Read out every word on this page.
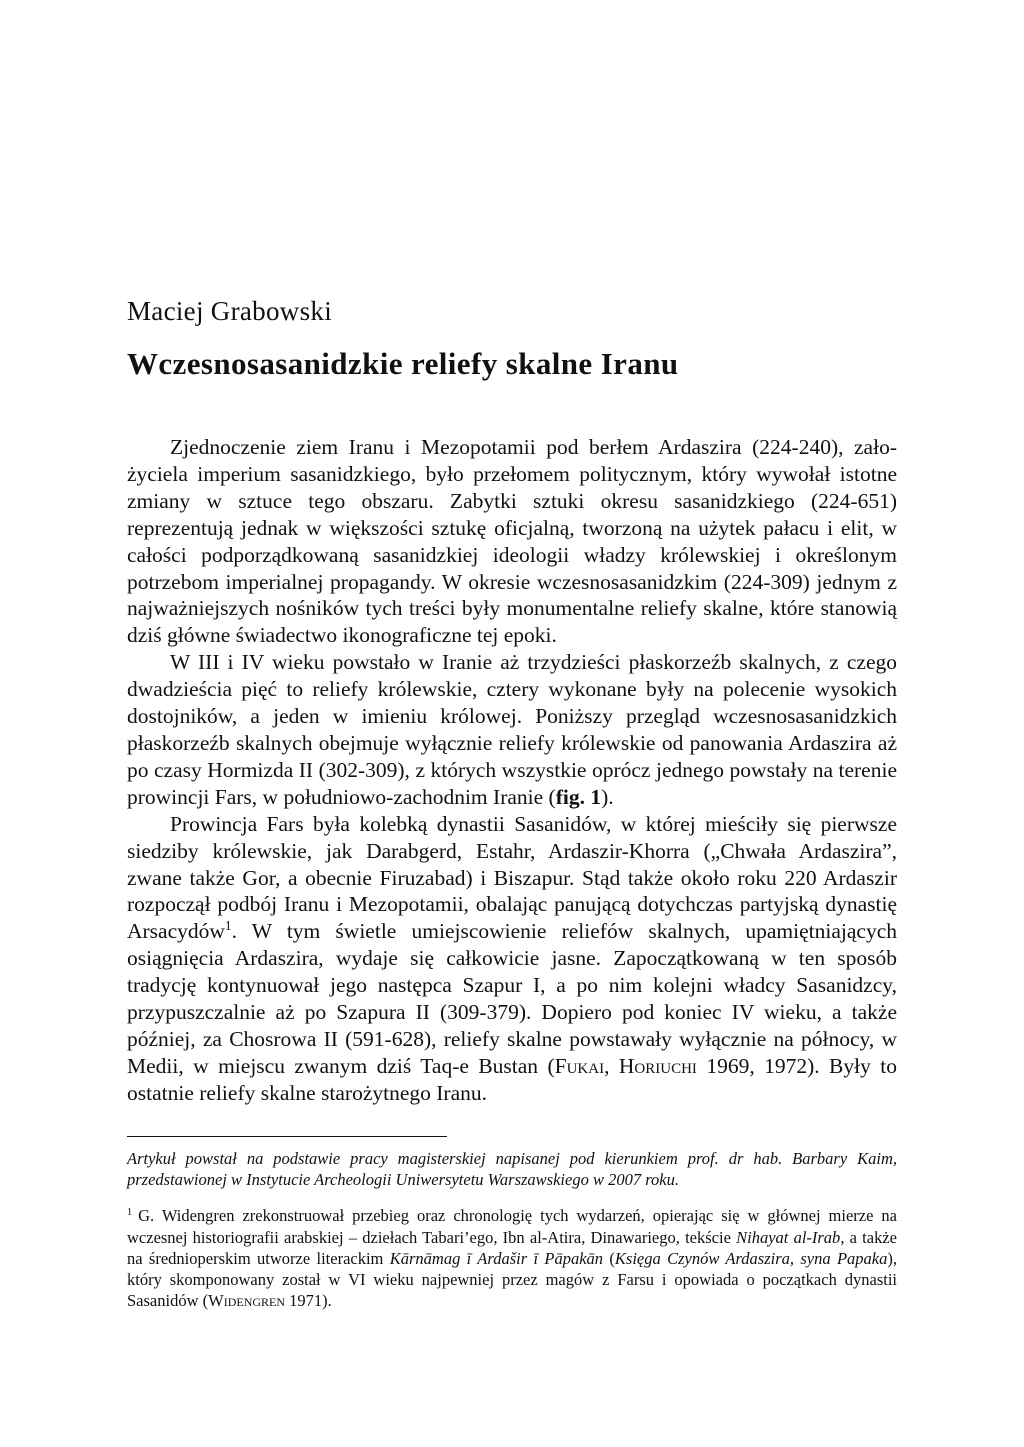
Maciej Grabowski
Wczesnosasanidzkie reliefy skalne Iranu

Zjednoczenie ziem Iranu i Mezopotamii pod berłem Ardaszira (224-240), założyciela imperium sasanidzkiego, było przełomem politycznym, który wywołał istotne zmiany w sztuce tego obszaru. Zabytki sztuki okresu sasanidzkiego (224-651) reprezentują jednak w większości sztukę oficjalną, tworzoną na użytek pałacu i elit, w całości podporządkowaną sasanidzkiej ideologii władzy królewskiej i określonym potrzebom imperialnej propagandy. W okresie wczesnosasanidzkim (224-309) jednym z najważniejszych nośników tych treści były monumentalne reliefy skalne, które stanowią dziś główne świadectwo ikonograficzne tej epoki.

W III i IV wieku powstało w Iranie aż trzydzieści płaskorzeźb skalnych, z czego dwadzieścia pięć to reliefy królewskie, cztery wykonane były na polecenie wysokich dostojników, a jeden w imieniu królowej. Poniższy przegląd wczesnosasanidzkich płaskorzeźb skalnych obejmuje wyłącznie reliefy królewskie od panowania Ardaszira aż po czasy Hormizda II (302-309), z których wszystkie oprócz jednego powstały na terenie prowincji Fars, w południowo-zachodnim Iranie (fig. 1).

Prowincja Fars była kolebką dynastii Sasanidów, w której mieściły się pierwsze siedziby królewskie, jak Darabgerd, Estahr, Ardaszir-Khorra („Chwała Ardaszira”, zwane także Gor, a obecnie Firuzabad) i Biszapur. Stąd także około roku 220 Ardaszir rozpoczął podbój Iranu i Mezopotamii, obalając panującą dotychczas partyjską dynastię Arsacydów$^1$. W tym świetle umiejscowienie reliefów skalnych, upamiętniających osiągnięcia Ardaszira, wydaje się całkowicie jasne. Zapoczątkowaną w ten sposób tradycję kontynuował jego następca Szapur I, a po nim kolejni władcy Sasanidzcy, przypuszczalnie aż po Szapura II (309-379). Dopiero pod koniec IV wieku, a także później, za Chosrowa II (591-628), reliefy skalne powstawały wyłącznie na północy, w Medii, w miejscu zwanym dziś Taq-e Bustan (Fukai, Horiuchi 1969, 1972). Były to ostatnie reliefy skalne starożytnego Iranu.

Artykuł powstał na podstawie pracy magisterskiej napisanej pod kierunkiem prof. dr hab. Barbary Kaim, przedstawionej w Instytucie Archeologii Uniwersytetu Warszawskiego w 2007 roku.

$^1$ G. Widengren zrekonstruował przebieg oraz chronologię tych wydarzeń, opierając się w głównej mierze na wczesnej historiografii arabskiej – dziełach Tabari’ego, Ibn al-Atira, Dinawariego, tekście Nihayat al-Irab, a także na średnioperskim utworze literackim Kārnāmag ī Ardašir ī Pāpakān (Księga Czynów Ardaszira, syna Papaka), który skomponowany został w VI wieku najpewniej przez magów z Farsu i opowiada o początkach dynastii Sasanidów (Widengren 1971).
